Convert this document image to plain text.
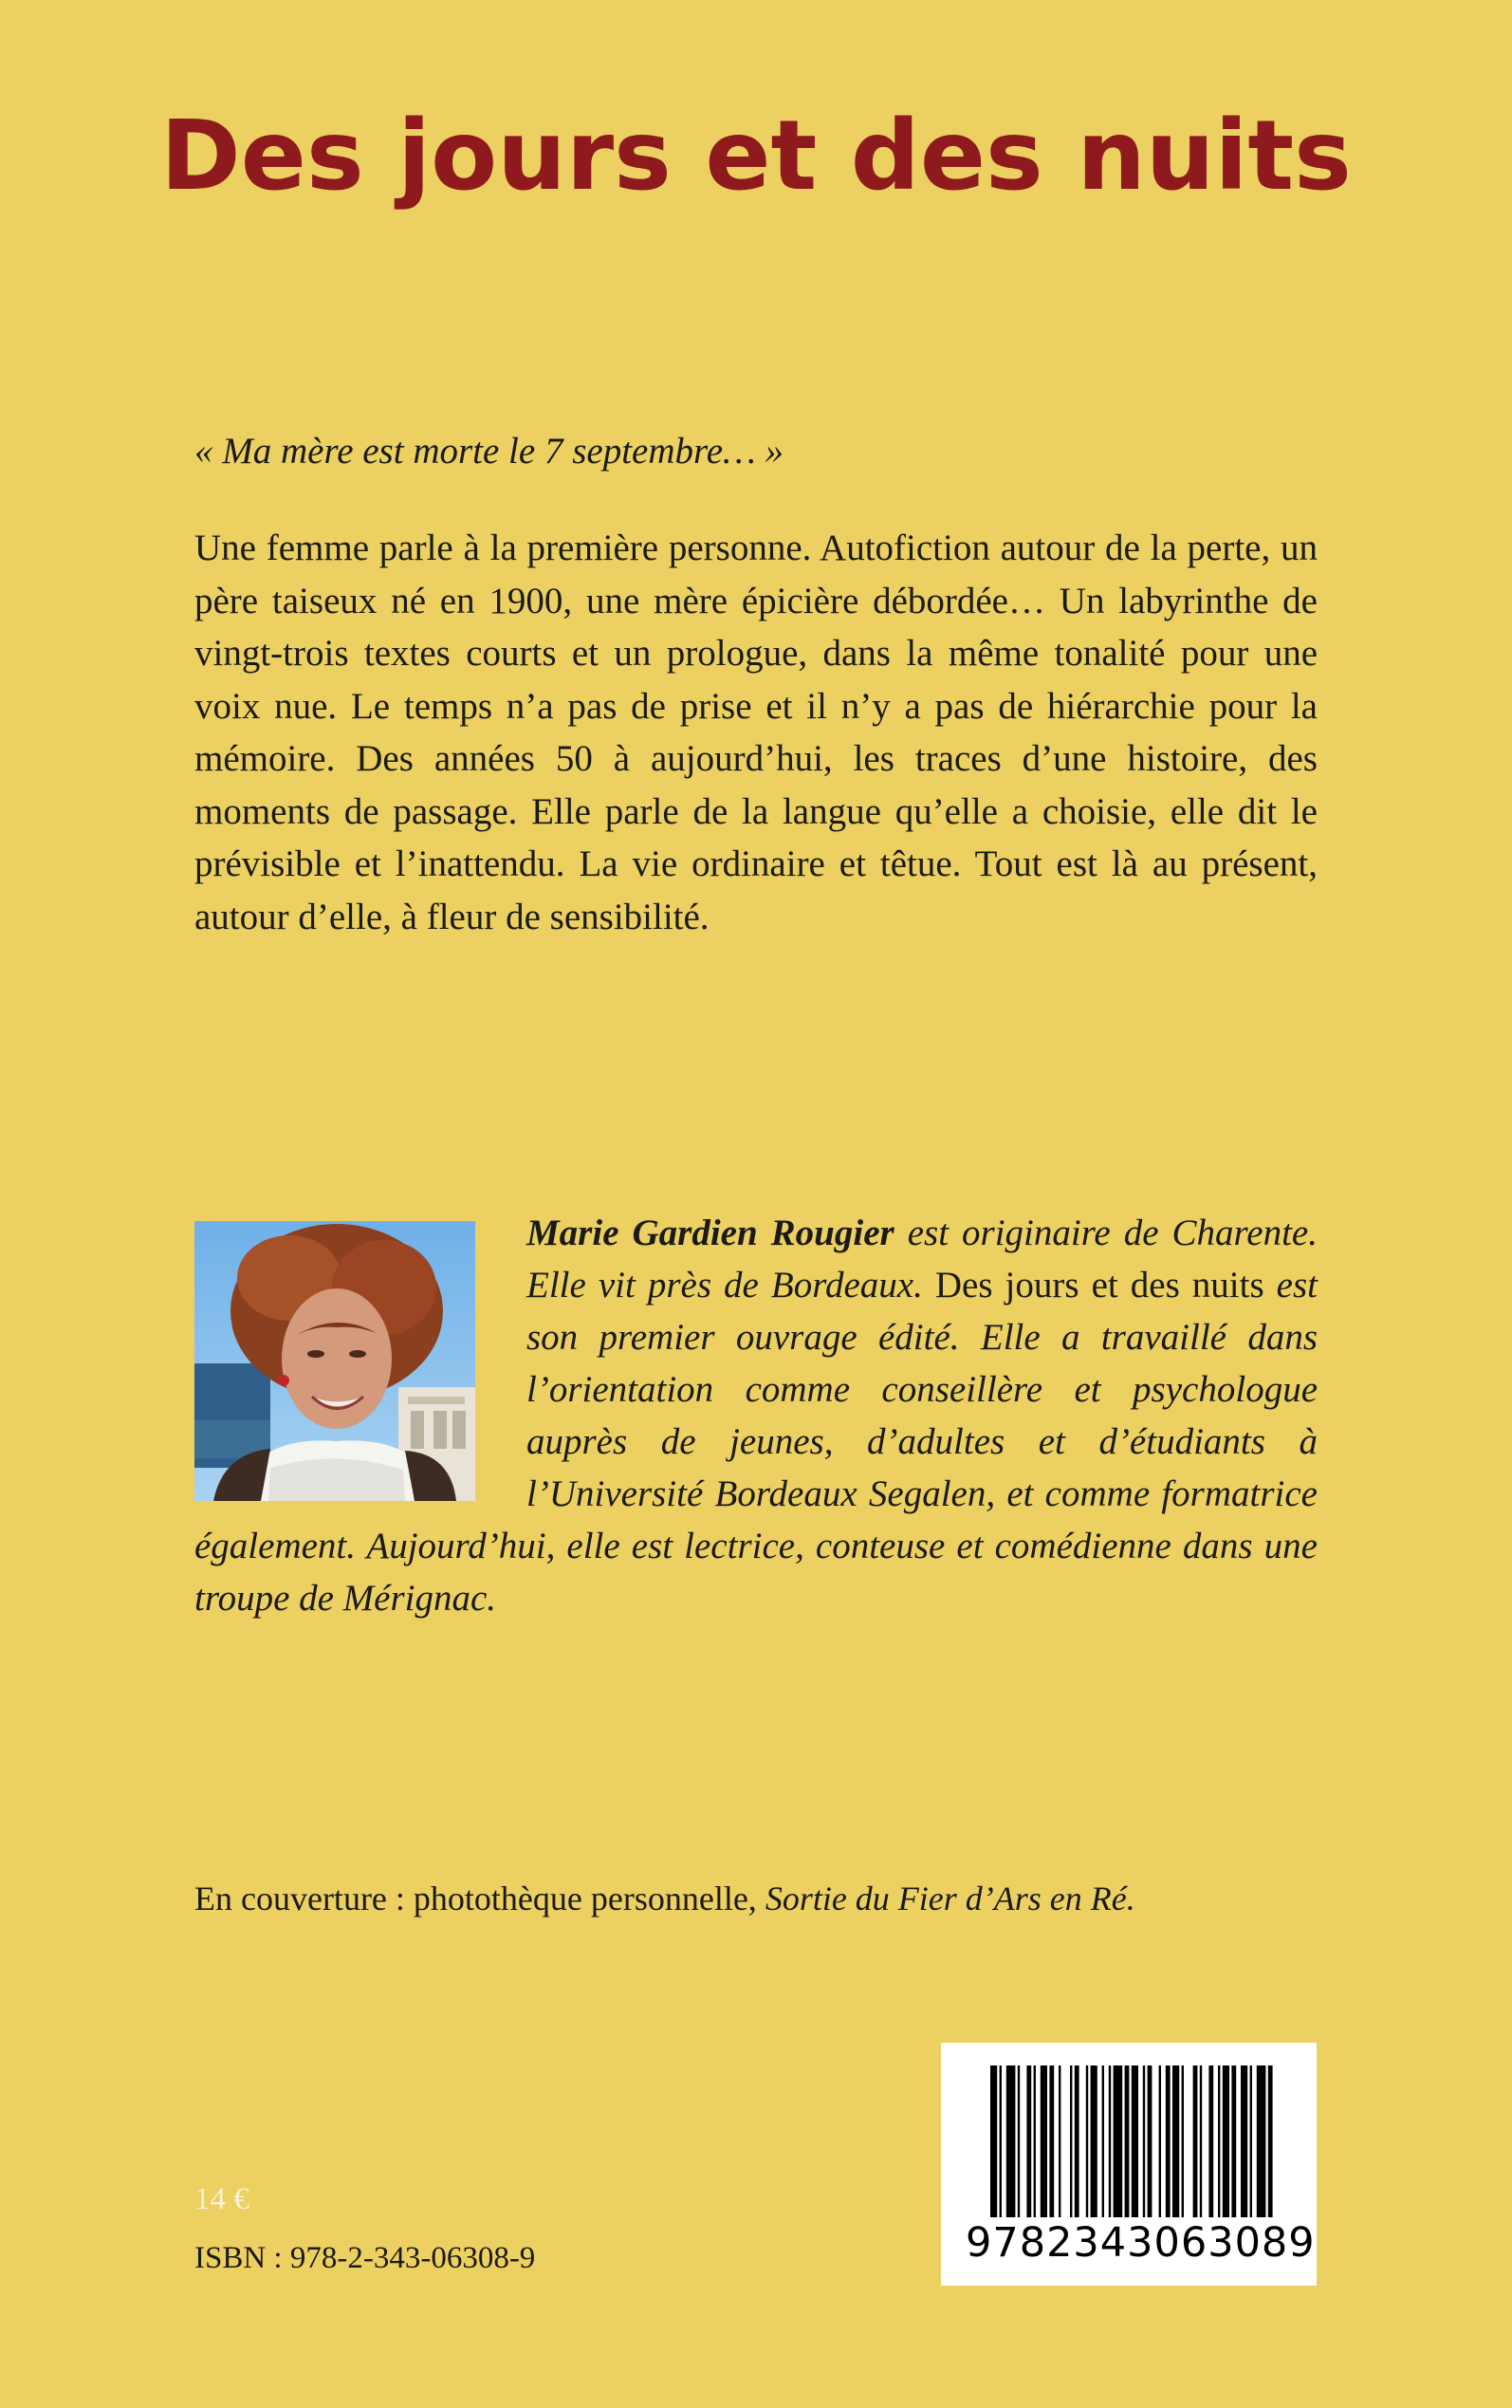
Des jours et des nuits

« Ma mère est morte le 7 septembre… »

Une femme parle à la première personne. Autofiction autour de la perte, un père taiseux né en 1900, une mère épicière débordée… Un labyrinthe de vingt-trois textes courts et un prologue, dans la même tonalité pour une voix nue. Le temps n’a pas de prise et il n’y a pas de hiérarchie pour la mémoire. Des années 50 à aujourd’hui, les traces d’une histoire, des moments de passage. Elle parle de la langue qu’elle a choisie, elle dit le prévisible et l’inattendu. La vie ordinaire et têtue. Tout est là au présent, autour d’elle, à fleur de sensibilité.

Marie Gardien Rougier est originaire de Charente. Elle vit près de Bordeaux. Des jours et des nuits est son premier ouvrage édité. Elle a travaillé dans l’orientation comme conseillère et psychologue auprès de jeunes, d’adultes et d’étudiants à l’Université Bordeaux Segalen, et comme formatrice également. Aujourd’hui, elle est lectrice, conteuse et comédienne dans une troupe de Mérignac.

En couverture : photothèque personnelle, Sortie du Fier d’Ars en Ré.

14 €

ISBN : 978-2-343-06308-9	9782343063089
